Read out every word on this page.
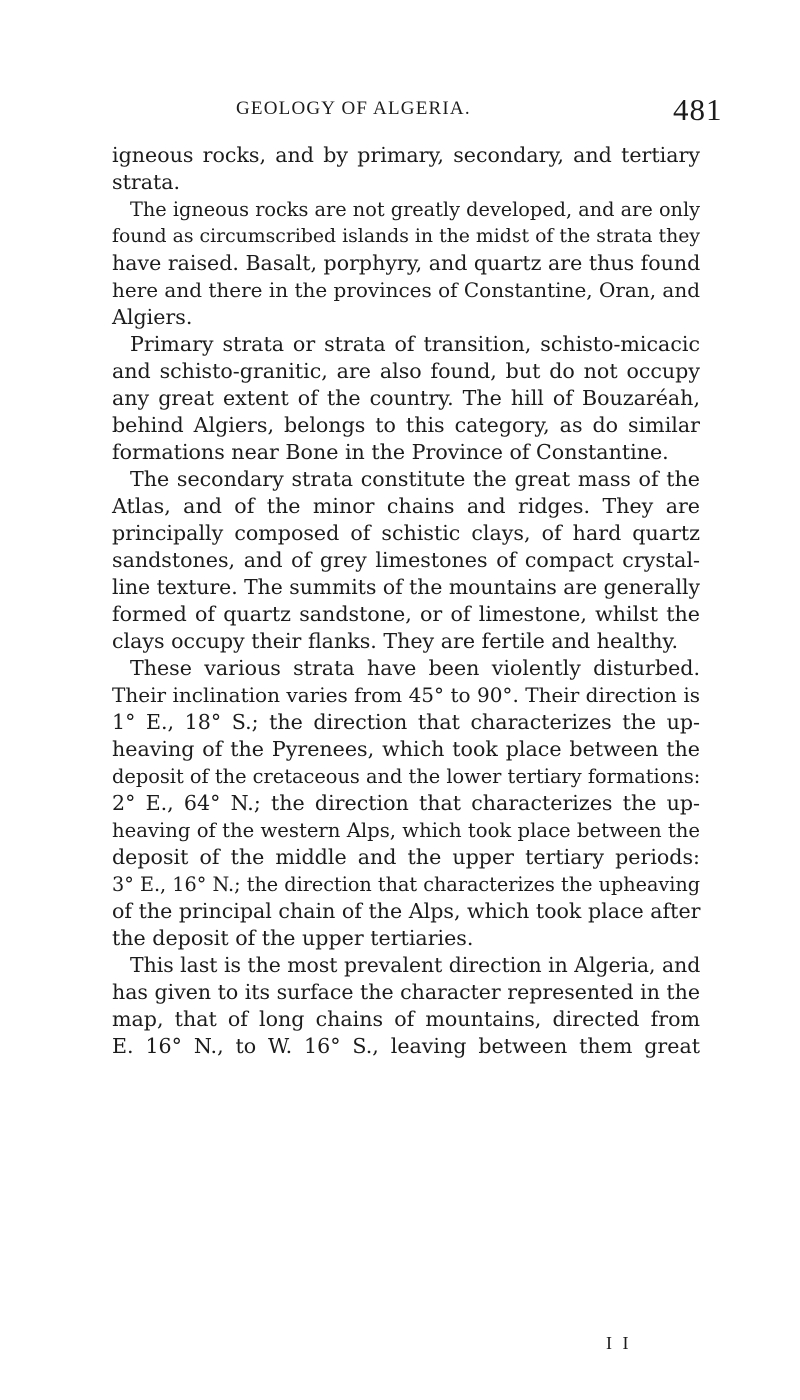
GEOLOGY OF ALGERIA.	481
igneous rocks, and by primary, secondary, and tertiary
strata.
The igneous rocks are not greatly developed, and are only
found as circumscribed islands in the midst of the strata they
have raised. Basalt, porphyry, and quartz are thus found
here and there in the provinces of Constantine, Oran, and
Algiers.
Primary strata or strata of transition, schisto-micacic
and schisto-granitic, are also found, but do not occupy
any great extent of the country. The hill of Bouzaréah,
behind Algiers, belongs to this category, as do similar
formations near Bone in the Province of Constantine.
The secondary strata constitute the great mass of the
Atlas, and of the minor chains and ridges. They are
principally composed of schistic clays, of hard quartz
sandstones, and of grey limestones of compact crystal-
line texture. The summits of the mountains are generally
formed of quartz sandstone, or of limestone, whilst the
clays occupy their flanks. They are fertile and healthy.
These various strata have been violently disturbed.
Their inclination varies from 45° to 90°. Their direction is
1° E., 18° S.; the direction that characterizes the up-
heaving of the Pyrenees, which took place between the
deposit of the cretaceous and the lower tertiary formations:
2° E., 64° N.; the direction that characterizes the up-
heaving of the western Alps, which took place between the
deposit of the middle and the upper tertiary periods:
3° E., 16° N.; the direction that characterizes the upheaving
of the principal chain of the Alps, which took place after
the deposit of the upper tertiaries.
This last is the most prevalent direction in Algeria, and
has given to its surface the character represented in the
map, that of long chains of mountains, directed from
E. 16° N., to W. 16° S., leaving between them great
I I
